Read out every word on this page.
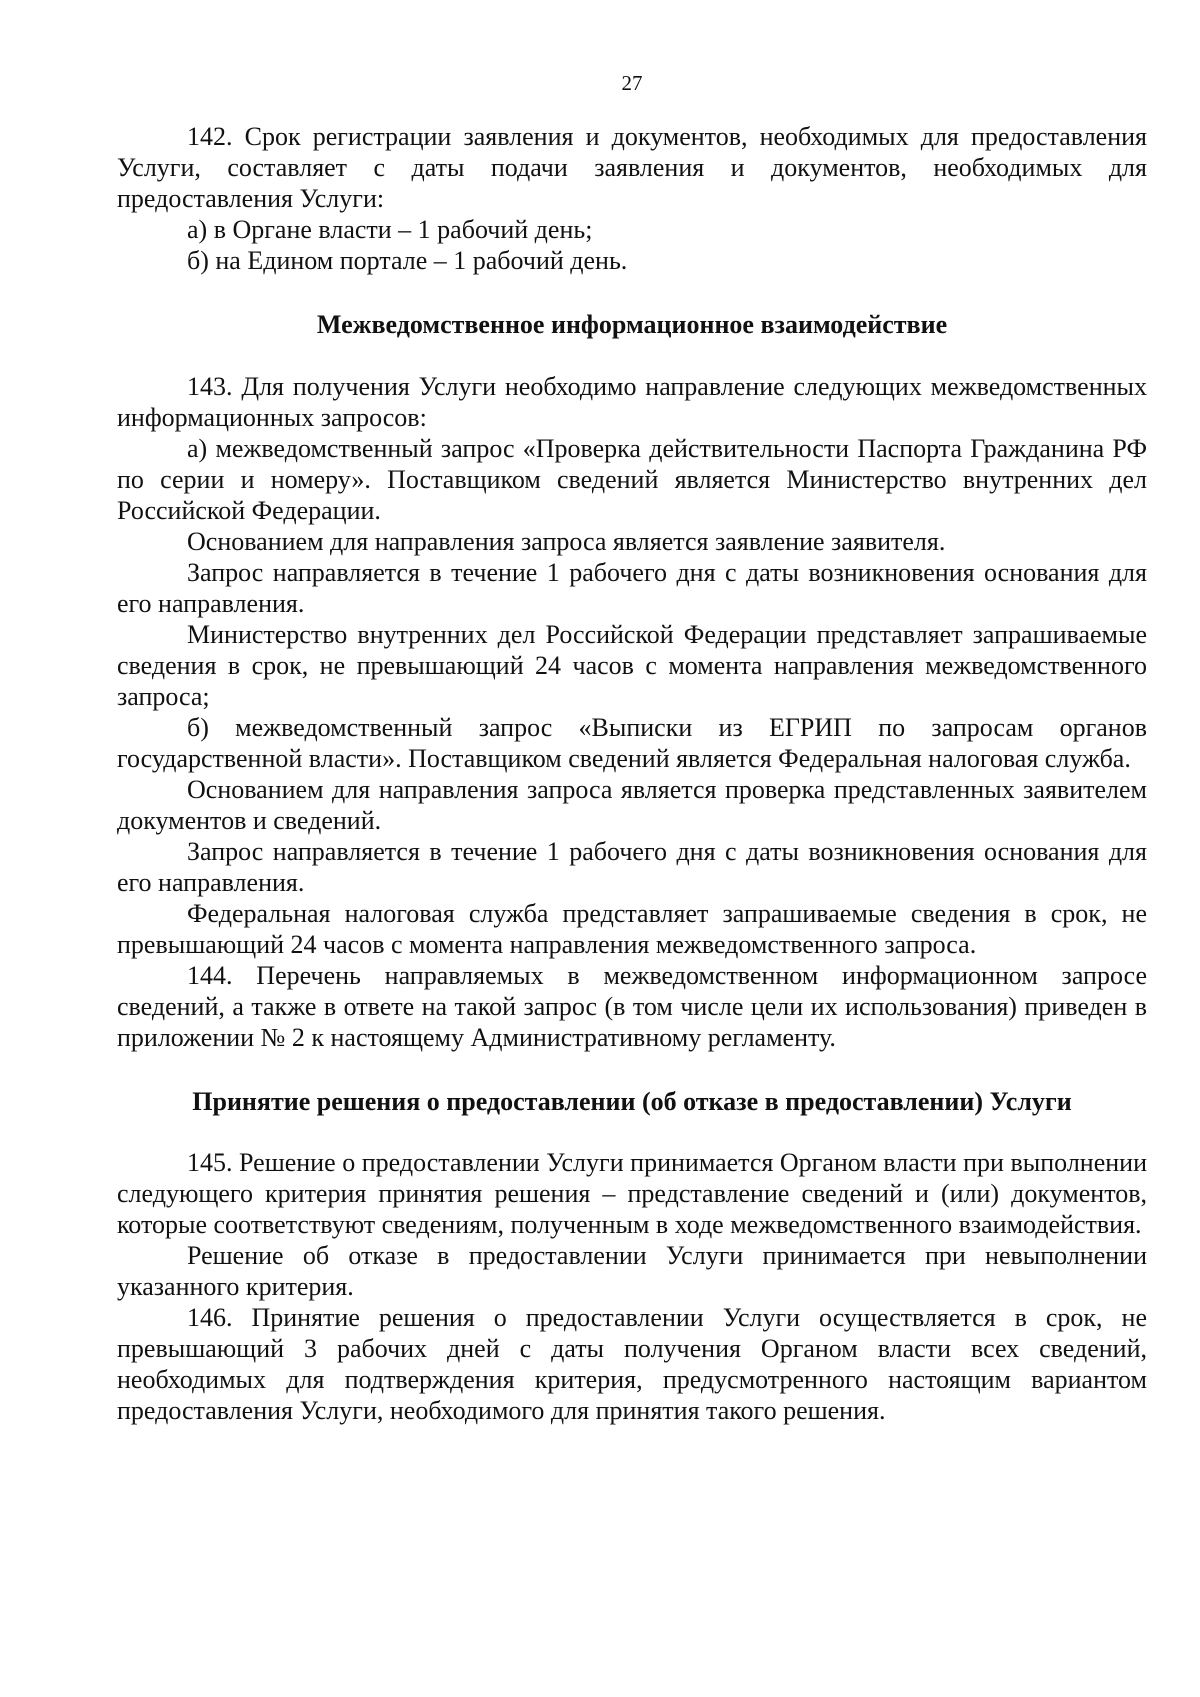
27

142. Срок регистрации заявления и документов, необходимых для предоставления Услуги, составляет с даты подачи заявления и документов, необходимых для предоставления Услуги:

а) в Органе власти – 1 рабочий день;

б) на Едином портале – 1 рабочий день.

Межведомственное информационное взаимодействие

143. Для получения Услуги необходимо направление следующих межведомственных информационных запросов:

а) межведомственный запрос «Проверка действительности Паспорта Гражданина РФ по серии и номеру». Поставщиком сведений является Министерство внутренних дел Российской Федерации.

Основанием для направления запроса является заявление заявителя.

Запрос направляется в течение 1 рабочего дня с даты возникновения основания для его направления.

Министерство внутренних дел Российской Федерации представляет запрашиваемые сведения в срок, не превышающий 24 часов с момента направления межведомственного запроса;

б) межведомственный запрос «Выписки из ЕГРИП по запросам органов государственной власти». Поставщиком сведений является Федеральная налоговая служба.

Основанием для направления запроса является проверка представленных заявителем документов и сведений.

Запрос направляется в течение 1 рабочего дня с даты возникновения основания для его направления.

Федеральная налоговая служба представляет запрашиваемые сведения в срок, не превышающий 24 часов с момента направления межведомственного запроса.

144. Перечень направляемых в межведомственном информационном запросе сведений, а также в ответе на такой запрос (в том числе цели их использования) приведен в приложении № 2 к настоящему Административному регламенту.

Принятие решения о предоставлении (об отказе в предоставлении) Услуги

145. Решение о предоставлении Услуги принимается Органом власти при выполнении следующего критерия принятия решения – представление сведений и (или) документов, которые соответствуют сведениям, полученным в ходе межведомственного взаимодействия.

Решение об отказе в предоставлении Услуги принимается при невыполнении указанного критерия.

146. Принятие решения о предоставлении Услуги осуществляется в срок, не превышающий 3 рабочих дней с даты получения Органом власти всех сведений, необходимых для подтверждения критерия, предусмотренного настоящим вариантом предоставления Услуги, необходимого для принятия такого решения.
